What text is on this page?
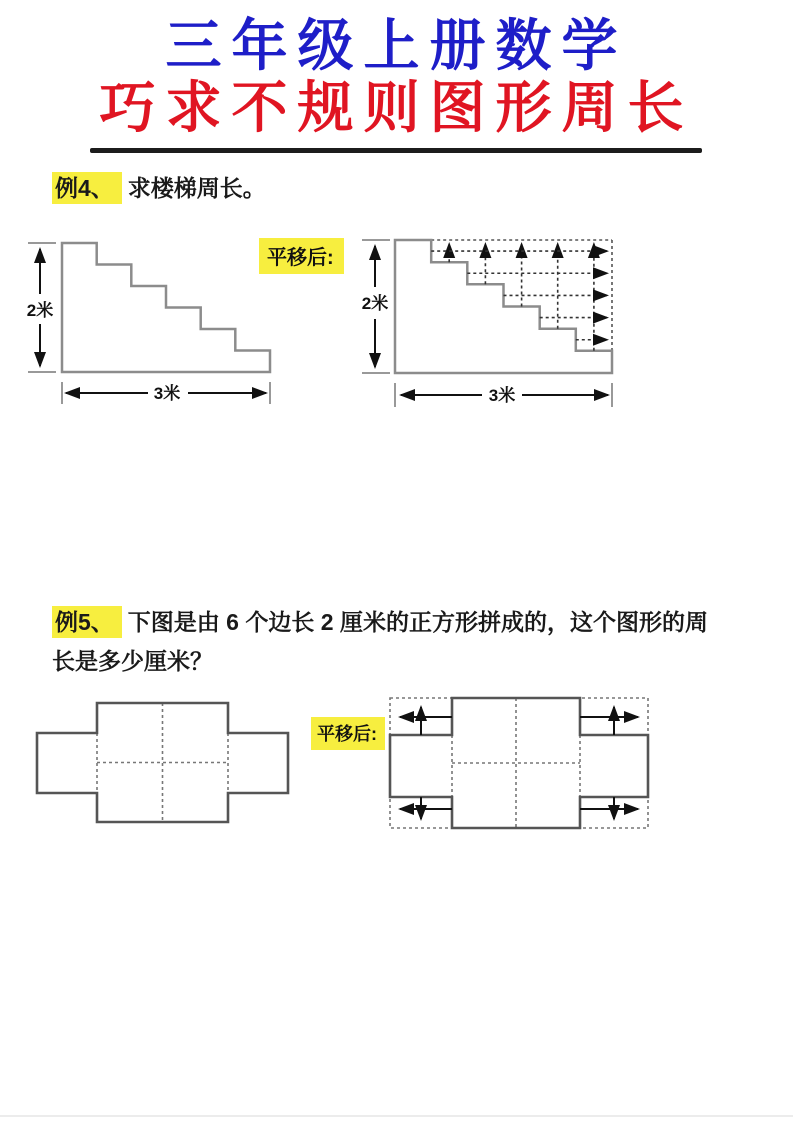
三年级上册数学
巧求不规则图形周长
例4、 求楼梯周长。
2米
3米
平移后:
2米
3米
例5、 下图是由 6 个边长 2 厘米的正方形拼成的，这个图形的周
长是多少厘米？
平移后:
